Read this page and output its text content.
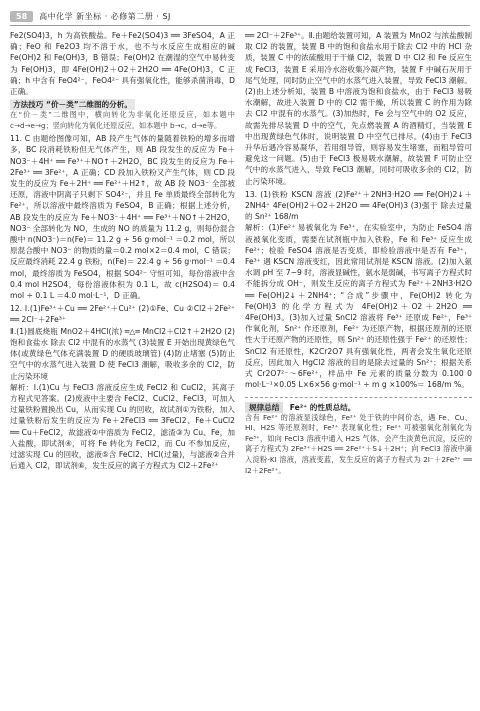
58	高中化学 新坐标 · 必修第二册 · SJ

Fe2(SO4)3，h 为高铁酸盐。Fe＋Fe2(SO4)3 ══ 3FeSO4，A 正确；FeO 和 Fe2O3 均不溶于水，也不与水反应生成相应的碱 Fe(OH)2 和 Fe(OH)3，B 错误；Fe(OH)2 在潮湿的空气中易转变为 Fe(OH)3，即 4Fe(OH)2＋O2＋2H2O ══ 4Fe(OH)3，C 正确；h 中含有 FeO4²⁻，FeO4²⁻ 具有强氧化性，能够杀菌消毒，D 正确。

方法技巧 “价－类”二维图的分析。

在“价－类”二维图中，横向转化为非氧化还原反应，如本题中 c→d→e→g；竖向转化为氧化还原反应，如本题中 b→c，d→e等。

11. C 由题给图像可知，AB 段产生气体的量随着铁粉的增多而增多，BC 段消耗铁粉但无气体产生，则 AB 段发生的反应为 Fe＋NO3⁻＋4H⁺ ══ Fe³⁺＋NO↑＋2H2O，BC 段发生的反应为 Fe＋2Fe³⁺ ══ 3Fe²⁺，A 正确；CD 段加入铁粉又产生气体，则 CD 段发生的反应为 Fe＋2H⁺ ══ Fe²⁺＋H2↑，故 AB 段 NO3⁻ 全部被还原，溶液中阴离子只剩下 SO4²⁻，并且 Fe 单质最终全部转化为 Fe²⁺，所以溶液中最终溶质为 FeSO4，B 正确；根据上述分析，AB 段发生的反应为 Fe＋NO3⁻＋4H⁺ ══ Fe³⁺＋NO↑＋2H2O，NO3⁻ 全部转化为 NO，生成的 NO 的质量为 11.2 g，则每份混合酸中 n(NO3⁻)＝n(Fe)＝ 11.2 g ÷ 56 g·mol⁻¹ ＝0.2 mol，所以原混合酸中 NO3⁻ 的物质的量＝0.2 mol×2＝0.4 mol，C 错误；反应最终消耗 22.4 g 铁粉，n(Fe)＝ 22.4 g ÷ 56 g·mol⁻¹ ＝0.4 mol，最终溶质为 FeSO4，根据 SO4²⁻ 守恒可知，每份溶液中含 0.4 mol H2SO4，每份溶液体积为 0.1 L，故 c(H2SO4)＝ 0.4 mol ÷ 0.1 L ＝4.0 mol·L⁻¹，D 正确。

12. Ⅰ.(1)Fe³⁺＋Cu ══ 2Fe²⁺＋Cu²⁺ (2)①Fe、Cu ②Cl2＋2Fe²⁺ ══ 2Cl⁻＋2Fe³⁺

Ⅱ.(1)圆底烧瓶 MnO2＋4HCl(浓) ═△═ MnCl2＋Cl2↑＋2H2O (2)饱和食盐水 除去 Cl2 中混有的水蒸气 (3)装置 E 开始出现黄绿色气体(或黄绿色气体充满装置 D 的硬质玻璃管) (4)防止堵塞 (5)防止空气中的水蒸气进入装置 D 使 FeCl3 潮解，吸收多余的 Cl2，防止污染环境

解析：Ⅰ.(1)Cu 与 FeCl3 溶液反应生成 FeCl2 和 CuCl2，其离子方程式见答案。(2)废液中主要含 FeCl2、CuCl2、FeCl3，可加入过量铁粉置换出 Cu，从而实现 Cu 的回收，故试剂①为铁粉，加入过量铁粉后发生的反应为 Fe＋2FeCl3 ══ 3FeCl2、Fe＋CuCl2 ══ Cu＋FeCl2，故滤液②中溶质为 FeCl2，滤渣③为 Cu、Fe，加入盐酸，即试剂④，可将 Fe 转化为 FeCl2，而 Cu 不参加反应，过滤实现 Cu 的回收，滤液⑤含 FeCl2、HCl(过量)，与滤液②合并后通入 Cl2，即试剂⑥，发生反应的离子方程式为 Cl2＋2Fe²⁺

══ 2Cl⁻＋2Fe³⁺。Ⅱ.由题给装置可知，A 装置为 MnO2 与浓盐酸制取 Cl2 的装置，装置 B 中的饱和食盐水用于除去 Cl2 中的 HCl 杂质，装置 C 中的浓硫酸用于干燥 Cl2，装置 D 中 Cl2 和 Fe 反应生成 FeCl3，装置 E 采用冷水浴收集冷凝产物，装置 F 中碱石灰用于尾气处理，同时防止空气中的水蒸气进入装置，导致 FeCl3 潮解。(2)由上述分析知，装置 B 中溶液为饱和食盐水，由于 FeCl3 易吸水潮解，故进入装置 D 中的 Cl2 需干燥，所以装置 C 的作用为除去 Cl2 中混有的水蒸气。(3)加热时，Fe 会与空气中的 O2 反应，故需先排尽装置 D 中的空气，先点燃装置 A 的酒精灯，当装置 E 中出现黄绿色气体时，说明装置 D 中空气已排尽。(4)由于 FeCl3 升华后遇冷容易凝华，若用细导管，则容易发生堵塞，而粗导管可避免这一问题。(5)由于 FeCl3 极易吸水潮解，故装置 F 可防止空气中的水蒸气进入，导致 FeCl3 潮解，同时可吸收多余的 Cl2，防止污染环境。

13. (1)铁粉 KSCN 溶液 (2)Fe²⁺＋2NH3·H2O ══ Fe(OH)2↓＋2NH4⁺ 4Fe(OH)2＋O2＋2H2O ══ 4Fe(OH)3 (3)强于 除去过量的 Sn²⁺ 168/m

解析：(1)Fe²⁺ 易被氧化为 Fe³⁺，在实验室中，为防止 FeSO4 溶液被氧化变质，需要在试剂瓶中加入铁粉，Fe 和 Fe³⁺ 反应生成 Fe²⁺；检验 FeSO4 溶液是否变质，即检验溶液中是否有 Fe³⁺，Fe³⁺ 遇 KSCN 溶液变红，因此常用试剂是 KSCN 溶液。(2)加入氨水调 pH 至 7~9 时，溶液显碱性，氨水是弱碱，书写离子方程式时不能拆分成 OH⁻，则发生反应的离子方程式为 Fe²⁺＋2NH3·H2O ══ Fe(OH)2↓＋2NH4⁺；“合成”步骤中，Fe(OH)2 转化为 Fe(OH)3 的化学方程式为 4Fe(OH)2＋O2＋2H2O ══ 4Fe(OH)3。(3)加入过量 SnCl2 溶液将 Fe³⁺ 还原成 Fe²⁺，Fe³⁺ 作氧化剂，Sn²⁺ 作还原剂，Fe²⁺ 为还原产物，根据还原剂的还原性大于还原产物的还原性，则 Sn²⁺ 的还原性强于 Fe²⁺ 的还原性；SnCl2 有还原性，K2Cr2O7 具有强氧化性，两者会发生氧化还原反应，因此加入 HgCl2 溶液的目的是除去过量的 Sn²⁺；根据关系式 Cr2O7²⁻～6Fe²⁺，样品中 Fe 元素的质量分数为 0.100 0 mol·L⁻¹×0.05 L×6×56 g·mol⁻¹ ÷ m g ×100%＝ 168/m %。

规律总结 Fe²⁺ 的性质总结。

含有 Fe²⁺ 的溶液显浅绿色，Fe²⁺ 处于铁的中间价态，遇 Fe、Cu、HI、H2S 等还原剂时，Fe³⁺ 表现氧化性；Fe²⁺ 可被强氧化剂氧化为 Fe³⁺，如向 FeCl3 溶液中通入 H2S 气体，会产生淡黄色沉淀，反应的离子方程式为 2Fe³⁺＋H2S ══ 2Fe²⁺＋S↓＋2H⁺；向 FeCl3 溶液中滴入淀粉-KI 溶液，溶液变蓝，发生反应的离子方程式为 2I⁻＋2Fe³⁺ ══ I2＋2Fe²⁺。
